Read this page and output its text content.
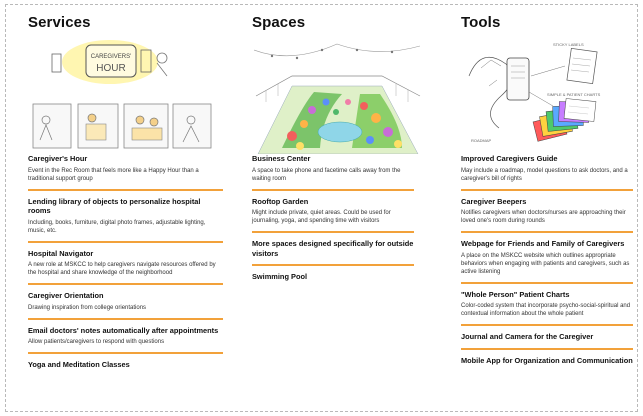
Services
CAREGIVERS'
HOUR
Caregiver's Hour
Event in the Rec Room that feels more like a Happy Hour than a traditional support group
Lending library of objects to personalize hospital rooms
Including, books, furniture, digital photo frames, adjustable lighting, music, etc.
Hospital Navigator
A new role at MSKCC to help caregivers navigate resources offered by the hospital and share knowledge of the neighborhood
Caregiver Orientation
Drawing inspiration from college orientations
Email doctors' notes automatically after appointments
Allow patients/caregivers to respond with questions
Yoga and Meditation Classes
Spaces
Business Center
A space to take phone and facetime calls away from the waiting room
Rooftop Garden
Might include private, quiet areas. Could be used for journaling, yoga, and spending time with visitors
More spaces designed specifically for outside visitors
Swimming Pool
Tools
STICKY LABELS
SIMPLE & PATIENT CHARTS
ROADMAP
Improved Caregivers Guide
May include a roadmap, model questions to ask doctors, and a caregiver's bill of rights
Caregiver Beepers
Notifies caregivers when doctors/nurses are approaching their loved one's room during rounds
Webpage for Friends and Family of Caregivers
A place on the MSKCC website which outlines appropriate behaviors when engaging with patients and caregivers, such as active listening
"Whole Person" Patient Charts
Color-coded system that incorporate psycho-social-spiritual and contextual information about the whole patient
Journal and Camera for the Caregiver
Mobile App for Organization and Communication
